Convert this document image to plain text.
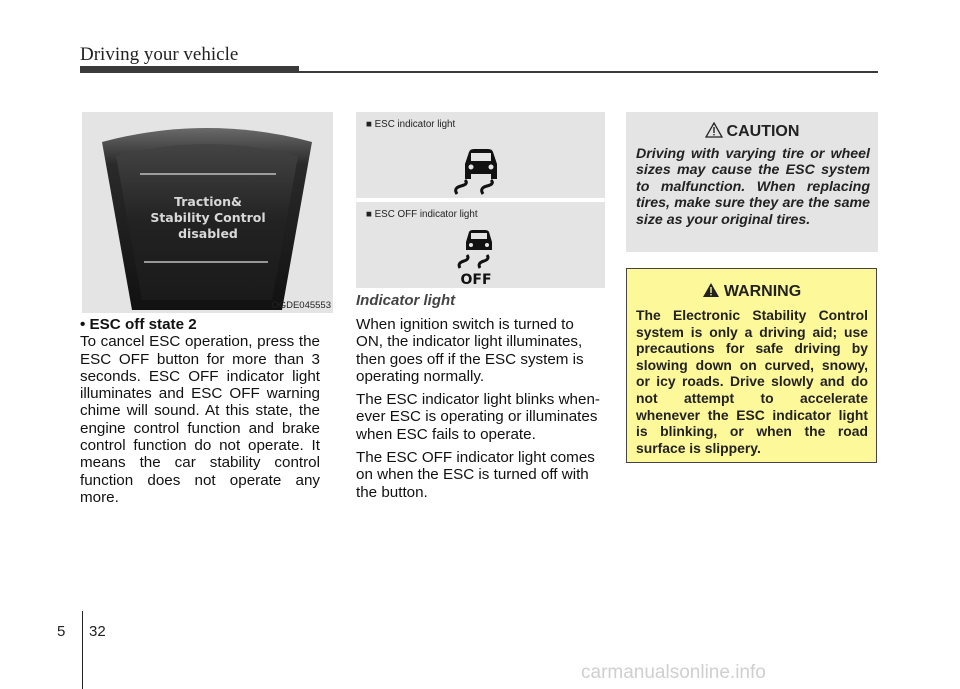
Driving your vehicle
Traction&
Stability Control
disabled
OGDE045553

• ESC off state 2

To cancel ESC operation, press the ESC OFF button for more than 3 seconds. ESC OFF indicator light illuminates and ESC OFF warning chime will sound. At this state, the engine control function and brake control function do not operate. It means the car stability control function does not operate any more.

■ ESC indicator light
■ ESC OFF indicator light
OFF
Indicator light

When ignition switch is turned to ON, the indicator light illuminates, then goes off if the ESC system is operating normally.

The ESC indicator light blinks when-ever ESC is operating or illuminates when ESC fails to operate.

The ESC OFF indicator light comes on when the ESC is turned off with the button.

CAUTION
Driving with varying tire or wheel sizes may cause the ESC system to malfunction. When replacing tires, make sure they are the same size as your original tires.
WARNING
The Electronic Stability Control system is only a driving aid; use precautions for safe driving by slowing down on curved, snowy, or icy roads. Drive slowly and do not attempt to accelerate whenever the ESC indicator light is blinking, or when the road surface is slippery.
5 32
carmanualsonline.info
